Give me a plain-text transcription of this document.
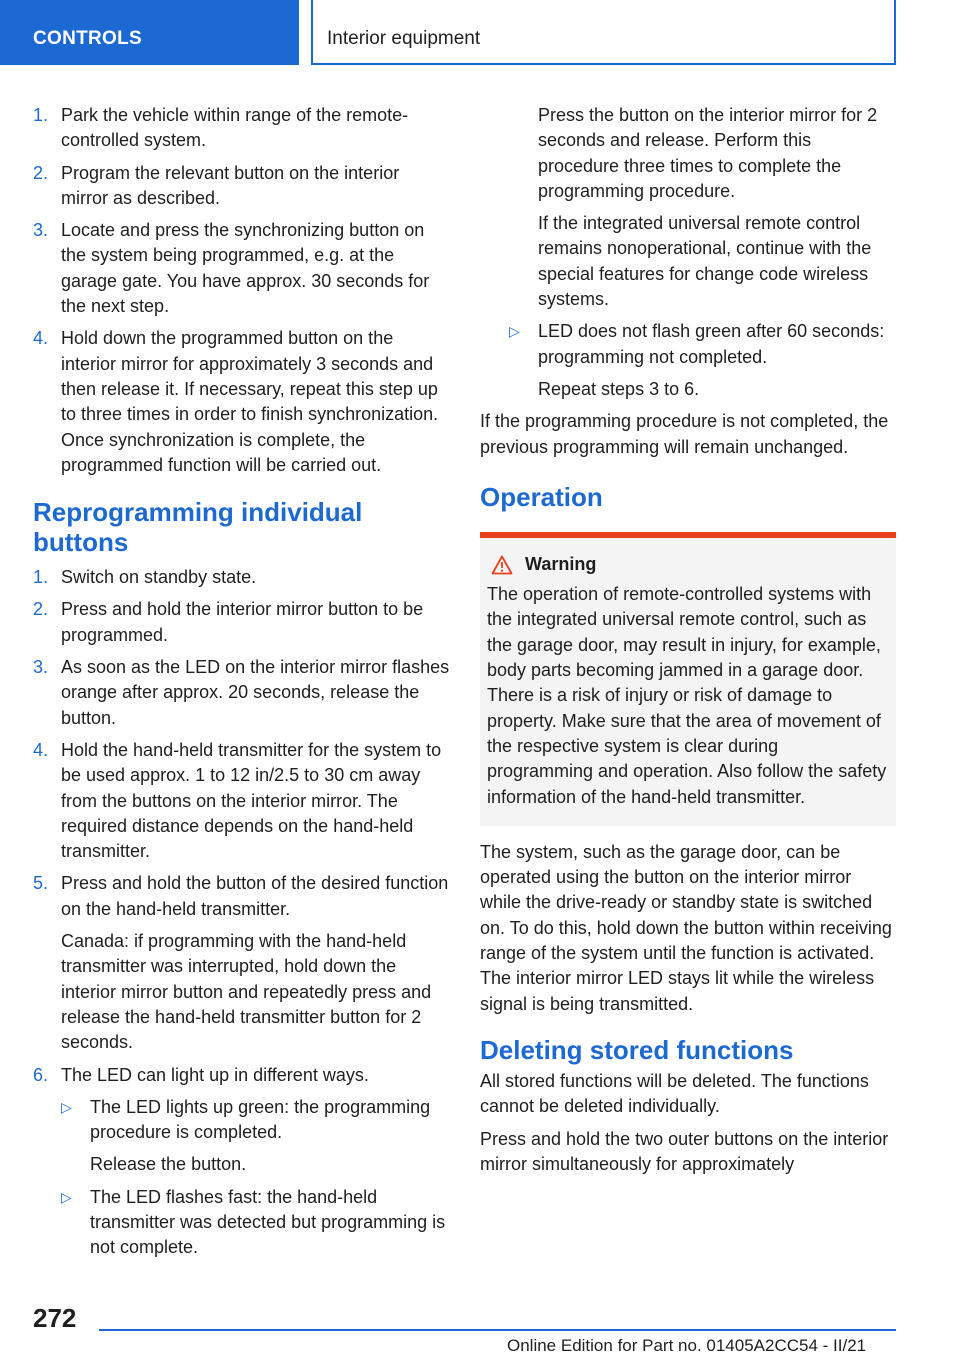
CONTROLS	Interior equipment
1. Park the vehicle within range of the remote-controlled system.
2. Program the relevant button on the interior mirror as described.
3. Locate and press the synchronizing button on the system being programmed, e.g. at the garage gate. You have approx. 30 seconds for the next step.
4. Hold down the programmed button on the interior mirror for approximately 3 seconds and then release it. If necessary, repeat this step up to three times in order to finish synchronization. Once synchronization is complete, the programmed function will be carried out.
Reprogramming individual buttons
1. Switch on standby state.
2. Press and hold the interior mirror button to be programmed.
3. As soon as the LED on the interior mirror flashes orange after approx. 20 seconds, release the button.
4. Hold the hand-held transmitter for the system to be used approx. 1 to 12 in/2.5 to 30 cm away from the buttons on the interior mirror. The required distance depends on the hand-held transmitter.
5. Press and hold the button of the desired function on the hand-held transmitter.
Canada: if programming with the hand-held transmitter was interrupted, hold down the interior mirror button and repeatedly press and release the hand-held transmitter button for 2 seconds.
6. The LED can light up in different ways.
▷ The LED lights up green: the programming procedure is completed.
Release the button.
▷ The LED flashes fast: the hand-held transmitter was detected but programming is not complete.
Press the button on the interior mirror for 2 seconds and release. Perform this procedure three times to complete the programming procedure.
If the integrated universal remote control remains nonoperational, continue with the special features for change code wireless systems.
▷ LED does not flash green after 60 seconds: programming not completed.
Repeat steps 3 to 6.
If the programming procedure is not completed, the previous programming will remain unchanged.
Operation
Warning
The operation of remote-controlled systems with the integrated universal remote control, such as the garage door, may result in injury, for example, body parts becoming jammed in a garage door. There is a risk of injury or risk of damage to property. Make sure that the area of movement of the respective system is clear during programming and operation. Also follow the safety information of the hand-held transmitter.
The system, such as the garage door, can be operated using the button on the interior mirror while the drive-ready or standby state is switched on. To do this, hold down the button within receiving range of the system until the function is activated. The interior mirror LED stays lit while the wireless signal is being transmitted.
Deleting stored functions
All stored functions will be deleted. The functions cannot be deleted individually.
Press and hold the two outer buttons on the interior mirror simultaneously for approximately
272
Online Edition for Part no. 01405A2CC54 - II/21
